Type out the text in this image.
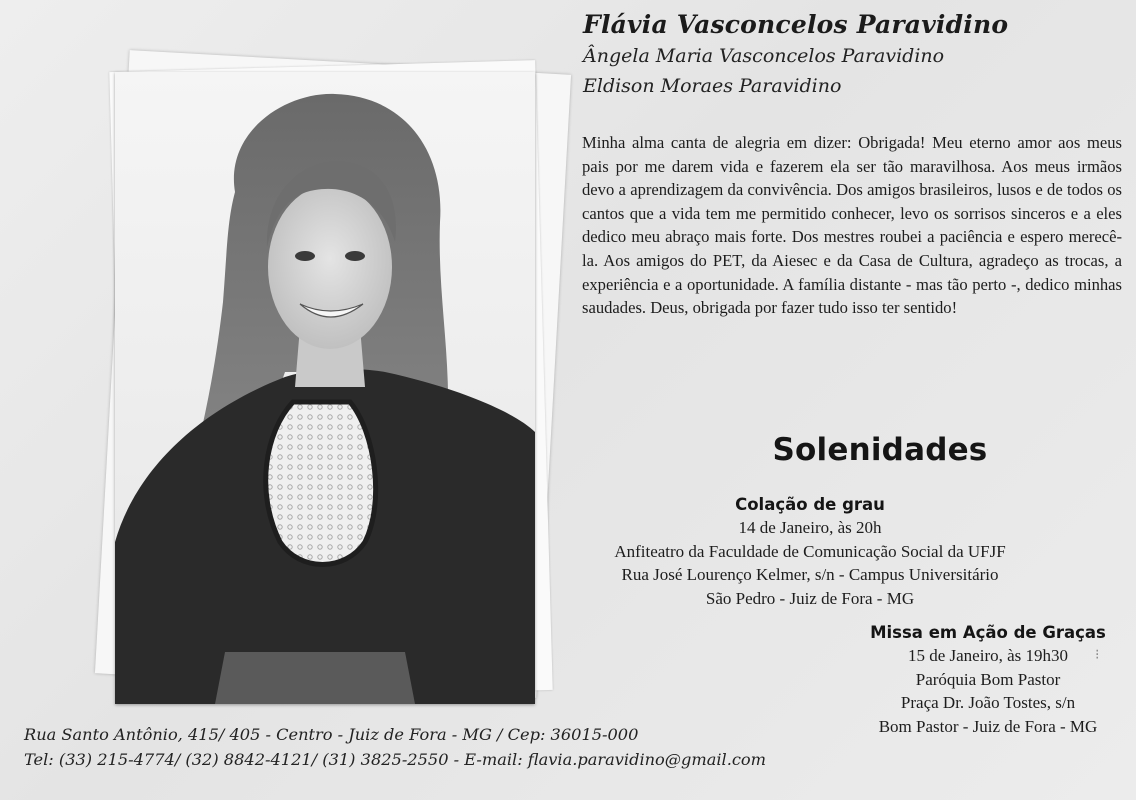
Flávia Vasconcelos Paravidino
Ângela Maria Vasconcelos Paravidino
Eldison Moraes Paravidino
Minha alma canta de alegria em dizer: Obrigada! Meu eterno amor aos meus pais por me darem vida e fazerem ela ser tão maravilhosa. Aos meus irmãos devo a aprendizagem da convivência. Dos amigos brasileiros, lusos e de todos os cantos que a vida tem me permitido conhecer, levo os sorrisos sinceros e a eles dedico meu abraço mais forte. Dos mestres roubei a paciência e espero merecê-la. Aos amigos do PET, da Aiesec e da Casa de Cultura, agradeço as trocas, a experiência e a oportunidade. A família distante - mas tão perto -, dedico minhas saudades. Deus, obrigada por fazer tudo isso ter sentido!
Solenidades
Colação de grau
14 de Janeiro, às 20h
Anfiteatro da Faculdade de Comunicação Social da UFJF
Rua José Lourenço Kelmer, s/n - Campus Universitário
São Pedro - Juiz de Fora - MG
Missa em Ação de Graças
15 de Janeiro, às 19h30
Paróquia Bom Pastor
Praça Dr. João Tostes, s/n
Bom Pastor - Juiz de Fora - MG
⁝
Rua Santo Antônio, 415/ 405 - Centro - Juiz de Fora - MG / Cep: 36015-000
Tel: (33) 215-4774/ (32) 8842-4121/ (31) 3825-2550 - E-mail: flavia.paravidino@gmail.com
